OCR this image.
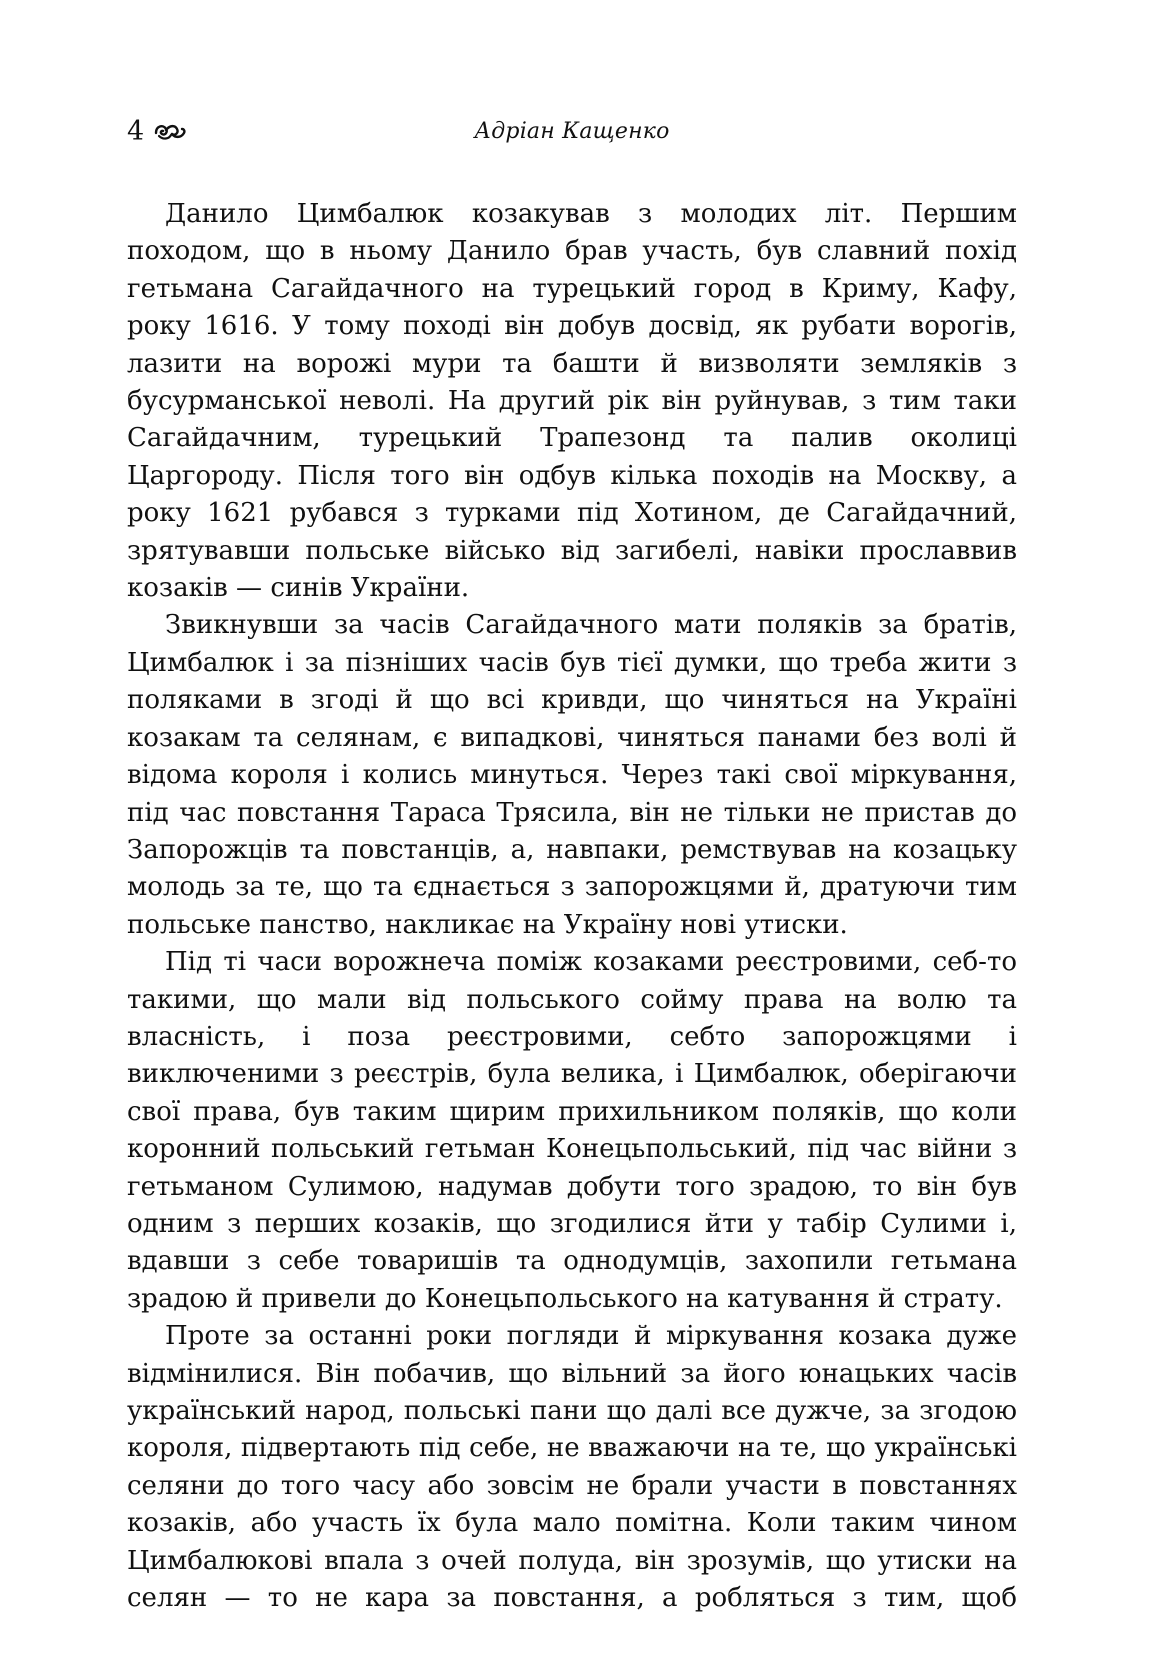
4	Адріан Кащенко

Данило Цимбалюк козакував з молодих літ. Першим походом, що в ньому Данило брав участь, був славний похід гетьмана Сагайдачного на турецький город в Криму, Кафу, року 1616. У тому поході він добув досвід, як рубати ворогів, лазити на ворожі мури та башти й визволяти земляків з бусурманської неволі. На другий рік він руйнував, з тим таки Сагайдачним, турецький Трапезонд та палив околиці Царгороду. Після того він одбув кілька походів на Москву, а року 1621 рубався з турками під Хотином, де Сагайдачний, зрятувавши польське військо від загибелі, навіки прославвив козаків — синів України.

Звикнувши за часів Сагайдачного мати поляків за братів, Цимбалюк і за пізніших часів був тієї думки, що треба жити з поляками в згоді й що всі кривди, що чиняться на Україні козакам та селянам, є випадкові, чиняться панами без волі й відома короля і колись минуться. Через такі свої міркування, під час повстання Тараса Трясила, він не тільки не пристав до Запорожців та повстанців, а, навпаки, ремствував на козацьку молодь за те, що та єднається з запорожцями й, дратуючи тим польське панство, накликає на Україну нові утиски.

Під ті часи ворожнеча поміж козаками реєстровими, себ-то такими, що мали від польського сойму права на волю та власність, і поза реєстровими, себто запорожцями і виключеними з реєстрів, була велика, і Цимбалюк, оберігаючи свої права, був таким щирим прихильником поляків, що коли коронний польський гетьман Конецьпольський, під час війни з гетьманом Сулимою, надумав добути того зрадою, то він був одним з перших козаків, що згодилися йти у табір Сулими і, вдавши з себе товаришів та однодумців, захопили гетьмана зрадою й привели до Конецьпольського на катування й страту.

Проте за останні роки погляди й міркування козака дуже відмінилися. Він побачив, що вільний за його юнацьких часів український народ, польські пани що далі все дужче, за згодою короля, підвертають під себе, не вважаючи на те, що українські селяни до того часу або зовсім не брали участи в повстаннях козаків, або участь їх була мало помітна. Коли таким чином Цимбалюкові впала з очей полуда, він зрозумів, що утиски на селян — то не кара за повстання, а робляться з тим, щоб
